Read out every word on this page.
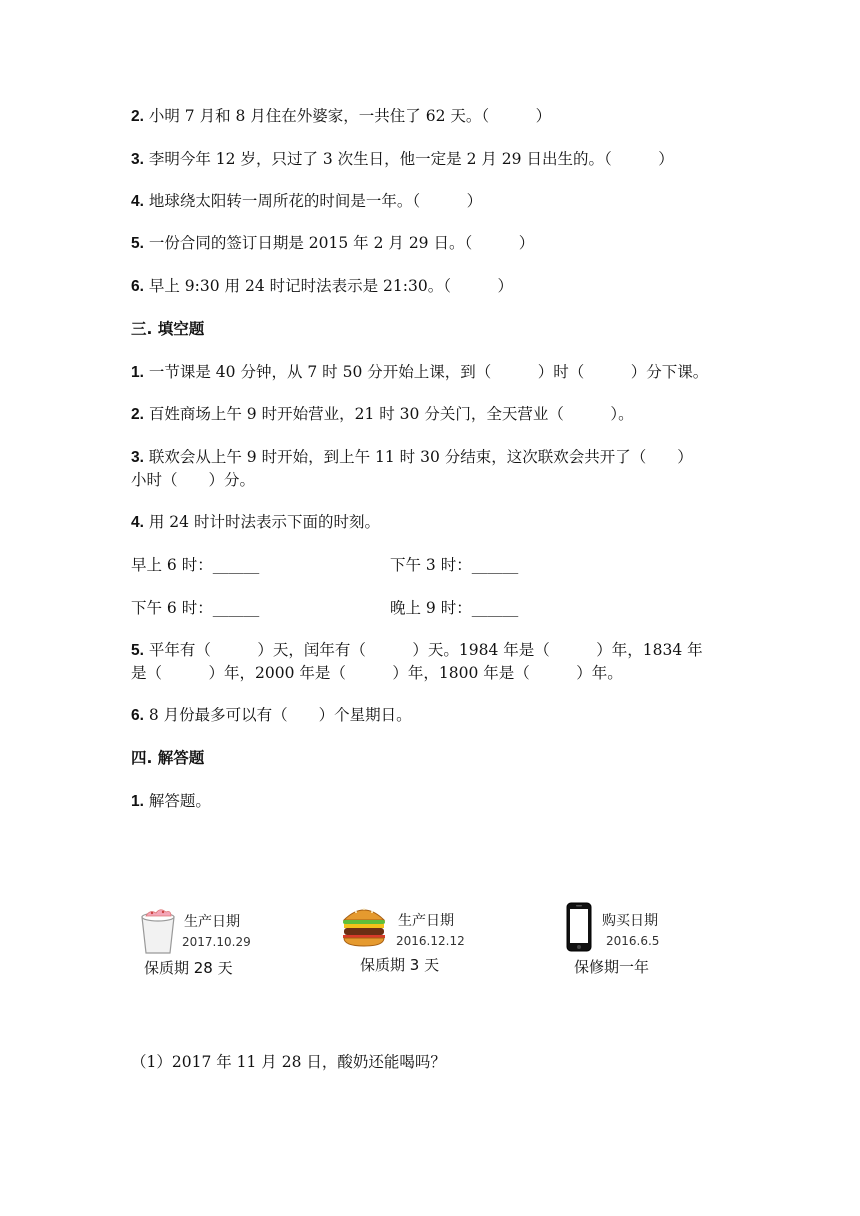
2. 小明 7 月和 8 月住在外婆家，一共住了 62 天。（　　　）
3. 李明今年 12 岁，只过了 3 次生日，他一定是 2 月 29 日出生的。（　　　）
4. 地球绕太阳转一周所花的时间是一年。（　　　）
5. 一份合同的签订日期是 2015 年 2 月 29 日。（　　　）
6. 早上 9:30 用 24 时记时法表示是 21:30。（　　　）
三. 填空题
1. 一节课是 40 分钟，从 7 时 50 分开始上课，到（　　　）时（　　　）分下课。
2. 百姓商场上午 9 时开始营业，21 时 30 分关门，全天营业（　　　）。
3. 联欢会从上午 9 时开始，到上午 11 时 30 分结束，这次联欢会共开了（　　）
小时（　　）分。
4. 用 24 时计时法表示下面的时刻。
早上 6 时：______	下午 3 时：______
下午 6 时：______	晚上 9 时：______
5. 平年有（　　　）天，闰年有（　　　）天。1984 年是（　　　）年，1834 年
是（　　　）年，2000 年是（　　　）年，1800 年是（　　　）年。
6. 8 月份最多可以有（　　）个星期日。
四. 解答题
1. 解答题。
生产日期
2017.10.29
保质期 28 天
生产日期
2016.12.12
保质期 3 天
购买日期
2016.6.5
保修期一年
（1）2017 年 11 月 28 日，酸奶还能喝吗？
